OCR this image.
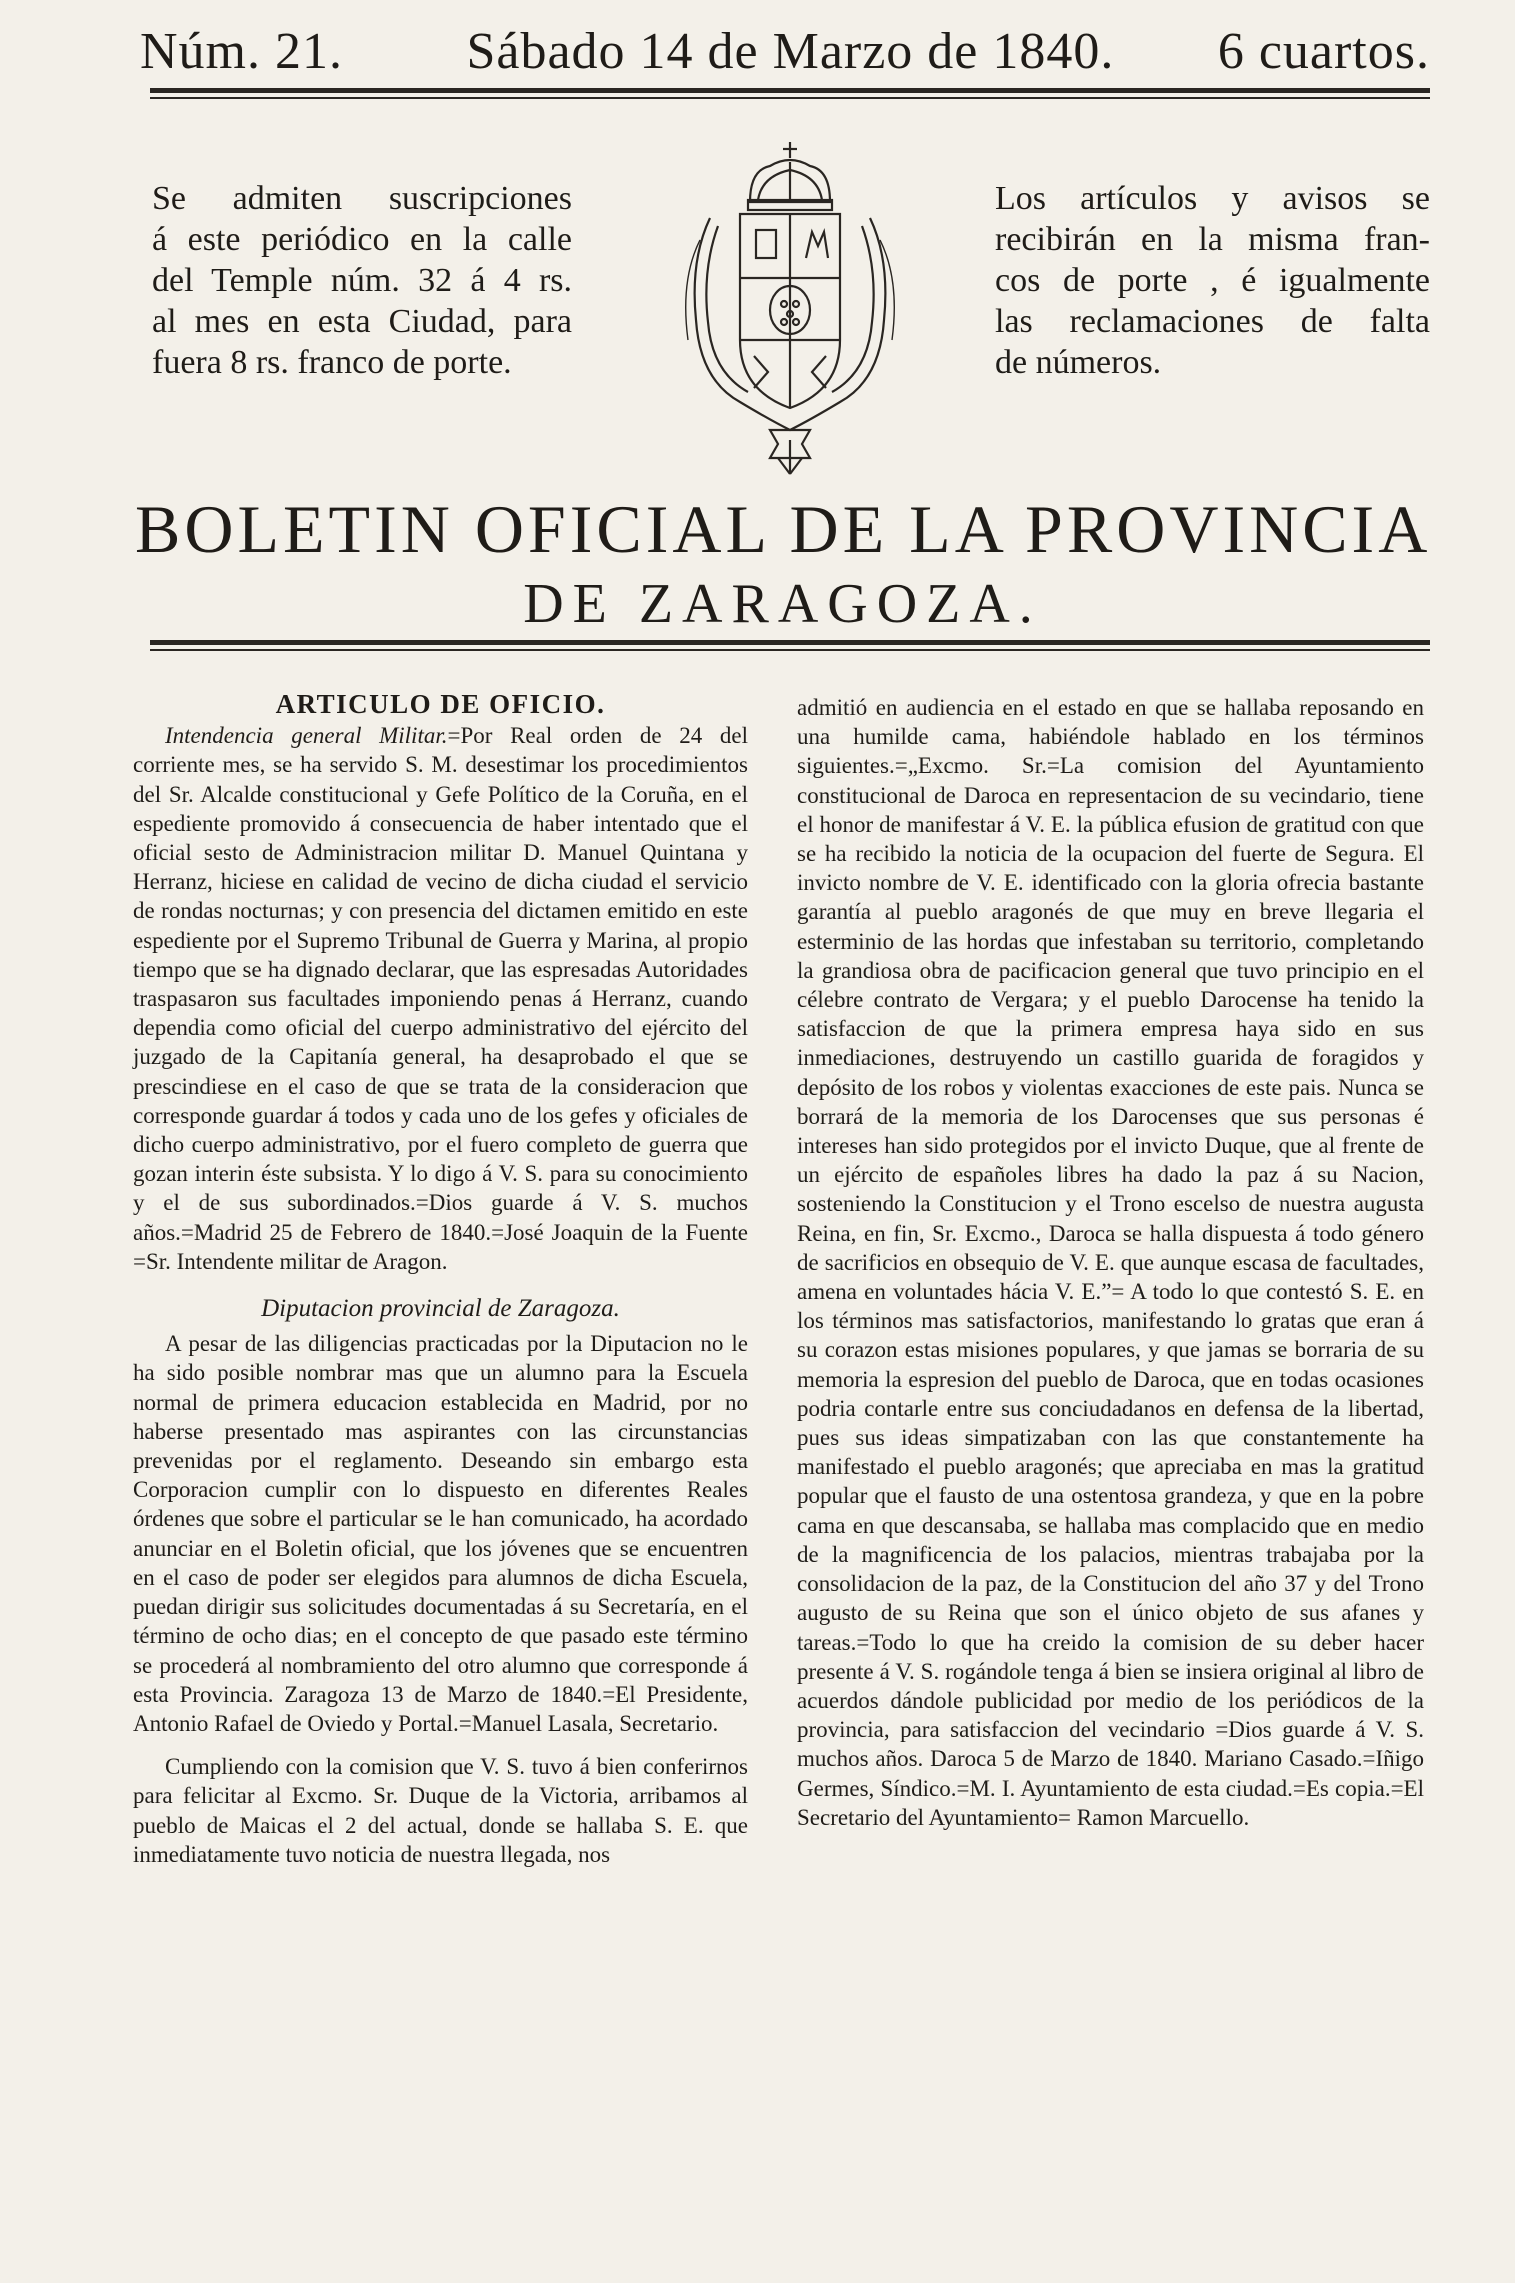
Núm. 21. Sábado 14 de Marzo de 1840. 6 cuartos.
Se admiten suscripciones
á este periódico en la calle
del Temple núm. 32 á 4 rs.
al mes en esta Ciudad, para
fuera 8 rs. franco de porte.
Los artículos y avisos se
recibirán en la misma fran-
cos de porte , é igualmente
las reclamaciones de falta
de números.
BOLETIN OFICIAL DE LA PROVINCIA
DE ZARAGOZA.
ARTICULO DE OFICIO.

Intendencia general Militar.=Por Real orden de 24 del corriente mes, se ha servido S. M. desestimar los procedimientos del Sr. Alcalde constitucional y Gefe Político de la Coruña, en el espediente promovido á consecuencia de haber intentado que el oficial sesto de Administracion militar D. Manuel Quintana y Herranz, hiciese en calidad de vecino de dicha ciudad el servicio de rondas nocturnas; y con presencia del dictamen emitido en este espediente por el Supremo Tribunal de Guerra y Marina, al propio tiempo que se ha dignado declarar, que las espresadas Autoridades traspasaron sus facultades imponiendo penas á Herranz, cuando dependia como oficial del cuerpo administrativo del ejército del juzgado de la Capitanía general, ha desaprobado el que se prescindiese en el caso de que se trata de la consideracion que corresponde guardar á todos y cada uno de los gefes y oficiales de dicho cuerpo administrativo, por el fuero completo de guerra que gozan interin éste subsista. Y lo digo á V. S. para su conocimiento y el de sus subordinados.=Dios guarde á V. S. muchos años.=Madrid 25 de Febrero de 1840.=José Joaquin de la Fuente =Sr. Intendente militar de Aragon.

Diputacion provincial de Zaragoza.

A pesar de las diligencias practicadas por la Diputacion no le ha sido posible nombrar mas que un alumno para la Escuela normal de primera educacion establecida en Madrid, por no haberse presentado mas aspirantes con las circunstancias prevenidas por el reglamento. Deseando sin embargo esta Corporacion cumplir con lo dispuesto en diferentes Reales órdenes que sobre el particular se le han comunicado, ha acordado anunciar en el Boletin oficial, que los jóvenes que se encuentren en el caso de poder ser elegidos para alumnos de dicha Escuela, puedan dirigir sus solicitudes documentadas á su Secretaría, en el término de ocho dias; en el concepto de que pasado este término se procederá al nombramiento del otro alumno que corresponde á esta Provincia. Zaragoza 13 de Marzo de 1840.=El Presidente, Antonio Rafael de Oviedo y Portal.=Manuel Lasala, Secretario.

Cumpliendo con la comision que V. S. tuvo á bien conferirnos para felicitar al Excmo. Sr. Duque de la Victoria, arribamos al pueblo de Maicas el 2 del actual, donde se hallaba S. E. que inmediatamente tuvo noticia de nuestra llegada, nos

admitió en audiencia en el estado en que se hallaba reposando en una humilde cama, habiéndole hablado en los términos siguientes.=„Excmo. Sr.=La comision del Ayuntamiento constitucional de Daroca en representacion de su vecindario, tiene el honor de manifestar á V. E. la pública efusion de gratitud con que se ha recibido la noticia de la ocupacion del fuerte de Segura. El invicto nombre de V. E. identificado con la gloria ofrecia bastante garantía al pueblo aragonés de que muy en breve llegaria el esterminio de las hordas que infestaban su territorio, completando la grandiosa obra de pacificacion general que tuvo principio en el célebre contrato de Vergara; y el pueblo Darocense ha tenido la satisfaccion de que la primera empresa haya sido en sus inmediaciones, destruyendo un castillo guarida de foragidos y depósito de los robos y violentas exacciones de este pais. Nunca se borrará de la memoria de los Darocenses que sus personas é intereses han sido protegidos por el invicto Duque, que al frente de un ejército de españoles libres ha dado la paz á su Nacion, sosteniendo la Constitucion y el Trono escelso de nuestra augusta Reina, en fin, Sr. Excmo., Daroca se halla dispuesta á todo género de sacrificios en obsequio de V. E. que aunque escasa de facultades, amena en voluntades hácia V. E.”= A todo lo que contestó S. E. en los términos mas satisfactorios, manifestando lo gratas que eran á su corazon estas misiones populares, y que jamas se borraria de su memoria la espresion del pueblo de Daroca, que en todas ocasiones podria contarle entre sus conciudadanos en defensa de la libertad, pues sus ideas simpatizaban con las que constantemente ha manifestado el pueblo aragonés; que apreciaba en mas la gratitud popular que el fausto de una ostentosa grandeza, y que en la pobre cama en que descansaba, se hallaba mas complacido que en medio de la magnificencia de los palacios, mientras trabajaba por la consolidacion de la paz, de la Constitucion del año 37 y del Trono augusto de su Reina que son el único objeto de sus afanes y tareas.=Todo lo que ha creido la comision de su deber hacer presente á V. S. rogándole tenga á bien se insiera original al libro de acuerdos dándole publicidad por medio de los periódicos de la provincia, para satisfaccion del vecindario =Dios guarde á V. S. muchos años. Daroca 5 de Marzo de 1840. Mariano Casado.=Iñigo Germes, Síndico.=M. I. Ayuntamiento de esta ciudad.=Es copia.=El Secretario del Ayuntamiento= Ramon Marcuello.
